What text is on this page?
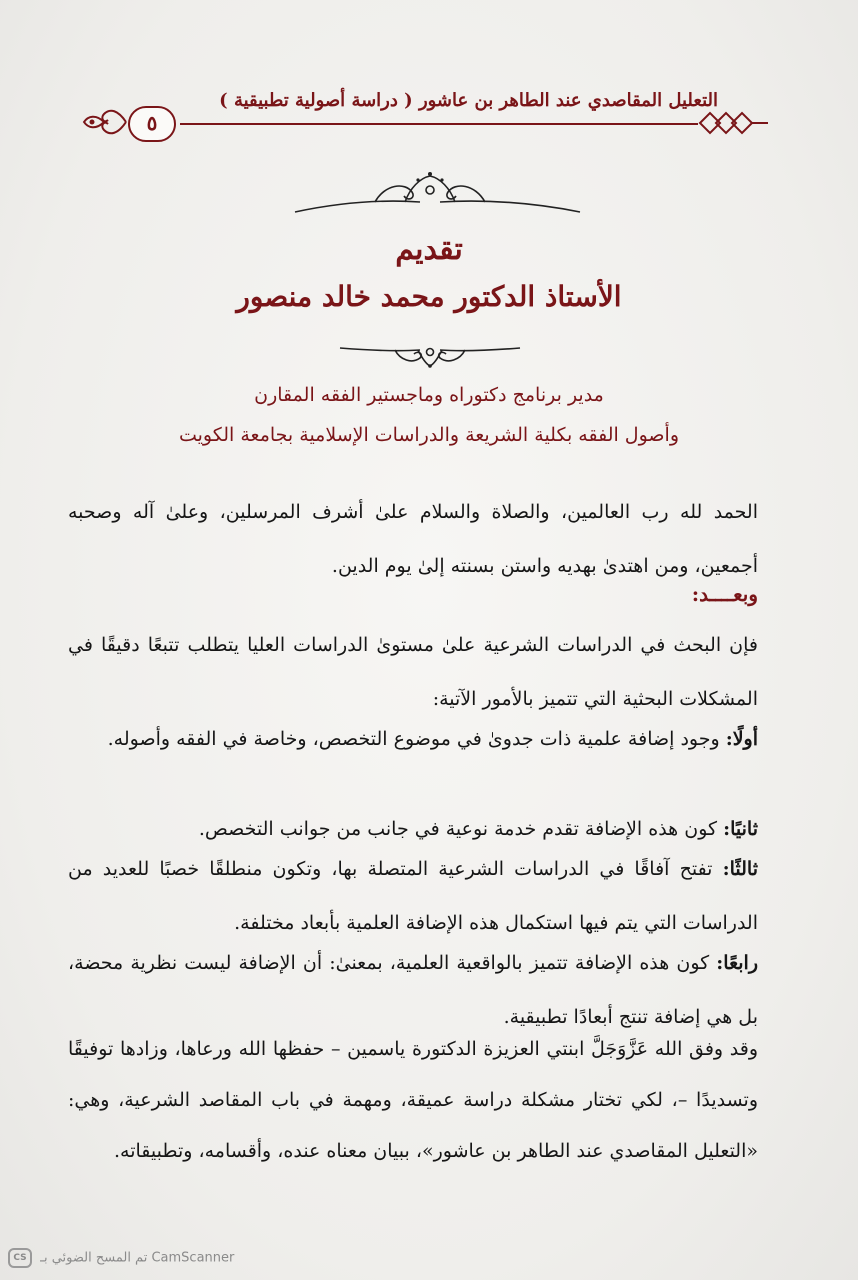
التعليل المقاصدي عند الطاهر بن عاشور ( دراسة أصولية تطبيقية )
٥
تقديم
الأستاذ الدكتور محمد خالد منصور
مدير برنامج دكتوراه وماجستير الفقه المقارن
وأصول الفقه بكلية الشريعة والدراسات الإسلامية بجامعة الكويت
الحمد لله رب العالمين، والصلاة والسلام علىٰ أشرف المرسلين، وعلىٰ آله وصحبه أجمعين، ومن اهتدىٰ بهديه واستن بسنته إلىٰ يوم الدين.
وبعــــد:
فإن البحث في الدراسات الشرعية علىٰ مستوىٰ الدراسات العليا يتطلب تتبعًا دقيقًا في المشكلات البحثية التي تتميز بالأمور الآتية:
أولًا: وجود إضافة علمية ذات جدوىٰ في موضوع التخصص، وخاصة في الفقه وأصوله.
ثانيًا: كون هذه الإضافة تقدم خدمة نوعية في جانب من جوانب التخصص.
ثالثًا: تفتح آفاقًا في الدراسات الشرعية المتصلة بها، وتكون منطلقًا خصبًا للعديد من الدراسات التي يتم فيها استكمال هذه الإضافة العلمية بأبعاد مختلفة.
رابعًا: كون هذه الإضافة تتميز بالواقعية العلمية، بمعنىٰ: أن الإضافة ليست نظرية محضة، بل هي إضافة تنتج أبعادًا تطبيقية.
وقد وفق الله عَزَّوَجَلَّ ابنتي العزيزة الدكتورة ياسمين – حفظها الله ورعاها، وزادها توفيقًا وتسديدًا –، لكي تختار مشكلة دراسة عميقة، ومهمة في باب المقاصد الشرعية، وهي: «التعليل المقاصدي عند الطاهر بن عاشور»، ببيان معناه عنده، وأقسامه، وتطبيقاته.
CS تم المسح الضوئي بـ CamScanner
